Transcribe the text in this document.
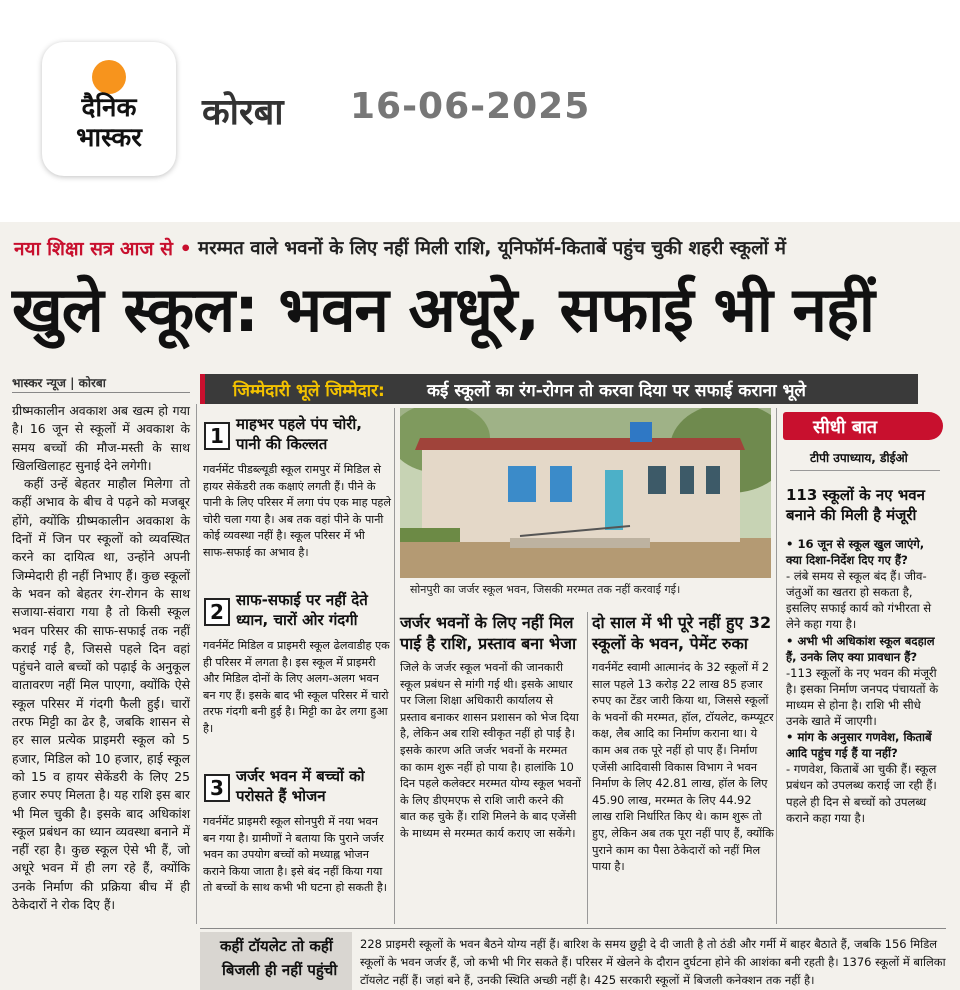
दैनिक
भास्कर
कोरबा 16-06-2025
नया शिक्षा सत्र आज से • मरम्मत वाले भवनों के लिए नहीं मिली राशि, यूनिफॉर्म-किताबें पहुंच चुकी शहरी स्कूलों में
खुले स्कूल: भवन अधूरे, सफाई भी नहीं
भास्कर न्यूज | कोरबा

ग्रीष्मकालीन अवकाश अब खत्म हो गया है। 16 जून से स्कूलों में अवकाश के समय बच्चों की मौज-मस्ती के साथ खिलखिलाहट सुनाई देने लगेगी।

कहीं उन्हें बेहतर माहौल मिलेगा तो कहीं अभाव के बीच वे पढ़ने को मजबूर होंगे, क्योंकि ग्रीष्मकालीन अवकाश के दिनों में जिन पर स्कूलों को व्यवस्थित करने का दायित्व था, उन्होंने अपनी जिम्मेदारी ही नहीं निभाए हैं। कुछ स्कूलों के भवन को बेहतर रंग-रोगन के साथ सजाया-संवारा गया है तो किसी स्कूल भवन परिसर की साफ-सफाई तक नहीं कराई गई है, जिससे पहले दिन वहां पहुंचने वाले बच्चों को पढ़ाई के अनुकूल वातावरण नहीं मिल पाएगा, क्योंकि ऐसे स्कूल परिसर में गंदगी फैली हुई। चारों तरफ मिट्टी का ढेर है, जबकि शासन से हर साल प्रत्येक प्राइमरी स्कूल को 5 हजार, मिडिल को 10 हजार, हाई स्कूल को 15 व हायर सेकेंडरी के लिए 25 हजार रुपए मिलता है। यह राशि इस बार भी मिल चुकी है। इसके बाद अधिकांश स्कूल प्रबंधन का ध्यान व्यवस्था बनाने में नहीं रहा है। कुछ स्कूल ऐसे भी हैं, जो अधूरे भवन में ही लग रहे हैं, क्योंकि उनके निर्माण की प्रक्रिया बीच में ही ठेकेदारों ने रोक दिए हैं।

जिम्मेदारी भूले जिम्मेदार: कई स्कूलों का रंग-रोगन तो करवा दिया पर सफाई कराना भूले
1 माहभर पहले पंप चोरी, पानी की किल्लत
गवर्नमेंट पीडब्ल्यूडी स्कूल रामपुर में मिडिल से हायर सेकेंडरी तक कक्षाएं लगती हैं। पीने के पानी के लिए परिसर में लगा पंप एक माह पहले चोरी चला गया है। अब तक वहां पीने के पानी कोई व्यवस्था नहीं है। स्कूल परिसर में भी साफ-सफाई का अभाव है।
2 साफ-सफाई पर नहीं देते ध्यान, चारों ओर गंदगी
गवर्नमेंट मिडिल व प्राइमरी स्कूल ढेलवाडीह एक ही परिसर में लगता है। इस स्कूल में प्राइमरी और मिडिल दोनों के लिए अलग-अलग भवन बन गए हैं। इसके बाद भी स्कूल परिसर में चारो तरफ गंदगी बनी हुई है। मिट्टी का ढेर लगा हुआ है।
3 जर्जर भवन में बच्चों को परोसते हैं भोजन
गवर्नमेंट प्राइमरी स्कूल सोनपुरी में नया भवन बन गया है। ग्रामीणों ने बताया कि पुराने जर्जर भवन का उपयोग बच्चों को मध्याह्न भोजन कराने किया जाता है। इसे बंद नहीं किया गया तो बच्चों के साथ कभी भी घटना हो सकती है।
सोनपुरी का जर्जर स्कूल भवन, जिसकी मरम्मत तक नहीं करवाई गई।
जर्जर भवनों के लिए नहीं मिल पाई है राशि, प्रस्ताव बना भेजा
जिले के जर्जर स्कूल भवनों की जानकारी स्कूल प्रबंधन से मांगी गई थी। इसके आधार पर जिला शिक्षा अधिकारी कार्यालय से प्रस्ताव बनाकर शासन प्रशासन को भेज दिया है, लेकिन अब राशि स्वीकृत नहीं हो पाई है। इसके कारण अति जर्जर भवनों के मरम्मत का काम शुरू नहीं हो पाया है। हालांकि 10 दिन पहले कलेक्टर मरम्मत योग्य स्कूल भवनों के लिए डीएमएफ से राशि जारी करने की बात कह चुके हैं। राशि मिलने के बाद एजेंसी के माध्यम से मरम्मत कार्य कराए जा सकेंगे।
दो साल में भी पूरे नहीं हुए 32 स्कूलों के भवन, पेमेंट रुका
गवर्नमेंट स्वामी आत्मानंद के 32 स्कूलों में 2 साल पहले 13 करोड़ 22 लाख 85 हजार रुपए का टेंडर जारी किया था, जिससे स्कूलों के भवनों की मरम्मत, हॉल, टॉयलेट, कम्प्यूटर कक्ष, लैब आदि का निर्माण कराना था। ये काम अब तक पूरे नहीं हो पाए हैं। निर्माण एजेंसी आदिवासी विकास विभाग ने भवन निर्माण के लिए 42.81 लाख, हॉल के लिए 45.90 लाख, मरम्मत के लिए 44.92 लाख राशि निर्धारित किए थे। काम शुरू तो हुए, लेकिन अब तक पूरा नहीं पाए हैं, क्योंकि पुराने काम का पैसा ठेकेदारों को नहीं मिल पाया है।
सीधी बात
टीपी उपाध्याय, डीईओ
113 स्कूलों के नए भवन बनाने की मिली है मंजूरी
• 16 जून से स्कूल खुल जाएंगे, क्या दिशा-निर्देश दिए गए हैं?
- लंबे समय से स्कूल बंद हैं। जीव-जंतुओं का खतरा हो सकता है, इसलिए सफाई कार्य को गंभीरता से लेने कहा गया है।
• अभी भी अधिकांश स्कूल बदहाल हैं, उनके लिए क्या प्रावधान हैं?
-113 स्कूलों के नए भवन की मंजूरी है। इसका निर्माण जनपद पंचायतों के माध्यम से होना है। राशि भी सीधे उनके खाते में जाएगी।
• मांग के अनुसार गणवेश, किताबें आदि पहुंच गई हैं या नहीं?
- गणवेश, किताबें आ चुकी हैं। स्कूल प्रबंधन को उपलब्ध कराई जा रही हैं। पहले ही दिन से बच्चों को उपलब्ध कराने कहा गया है।
कहीं टॉयलेट तो कहीं
बिजली ही नहीं पहुंची
228 प्राइमरी स्कूलों के भवन बैठने योग्य नहीं हैं। बारिश के समय छुट्टी दे दी जाती है तो ठंडी और गर्मी में बाहर बैठाते हैं, जबकि 156 मिडिल स्कूलों के भवन जर्जर हैं, जो कभी भी गिर सकते हैं। परिसर में खेलने के दौरान दुर्घटना होने की आशंका बनी रहती है। 1376 स्कूलों में बालिका टॉयलेट नहीं हैं। जहां बने हैं, उनकी स्थिति अच्छी नहीं है। 425 सरकारी स्कूलों में बिजली कनेक्शन तक नहीं है।
